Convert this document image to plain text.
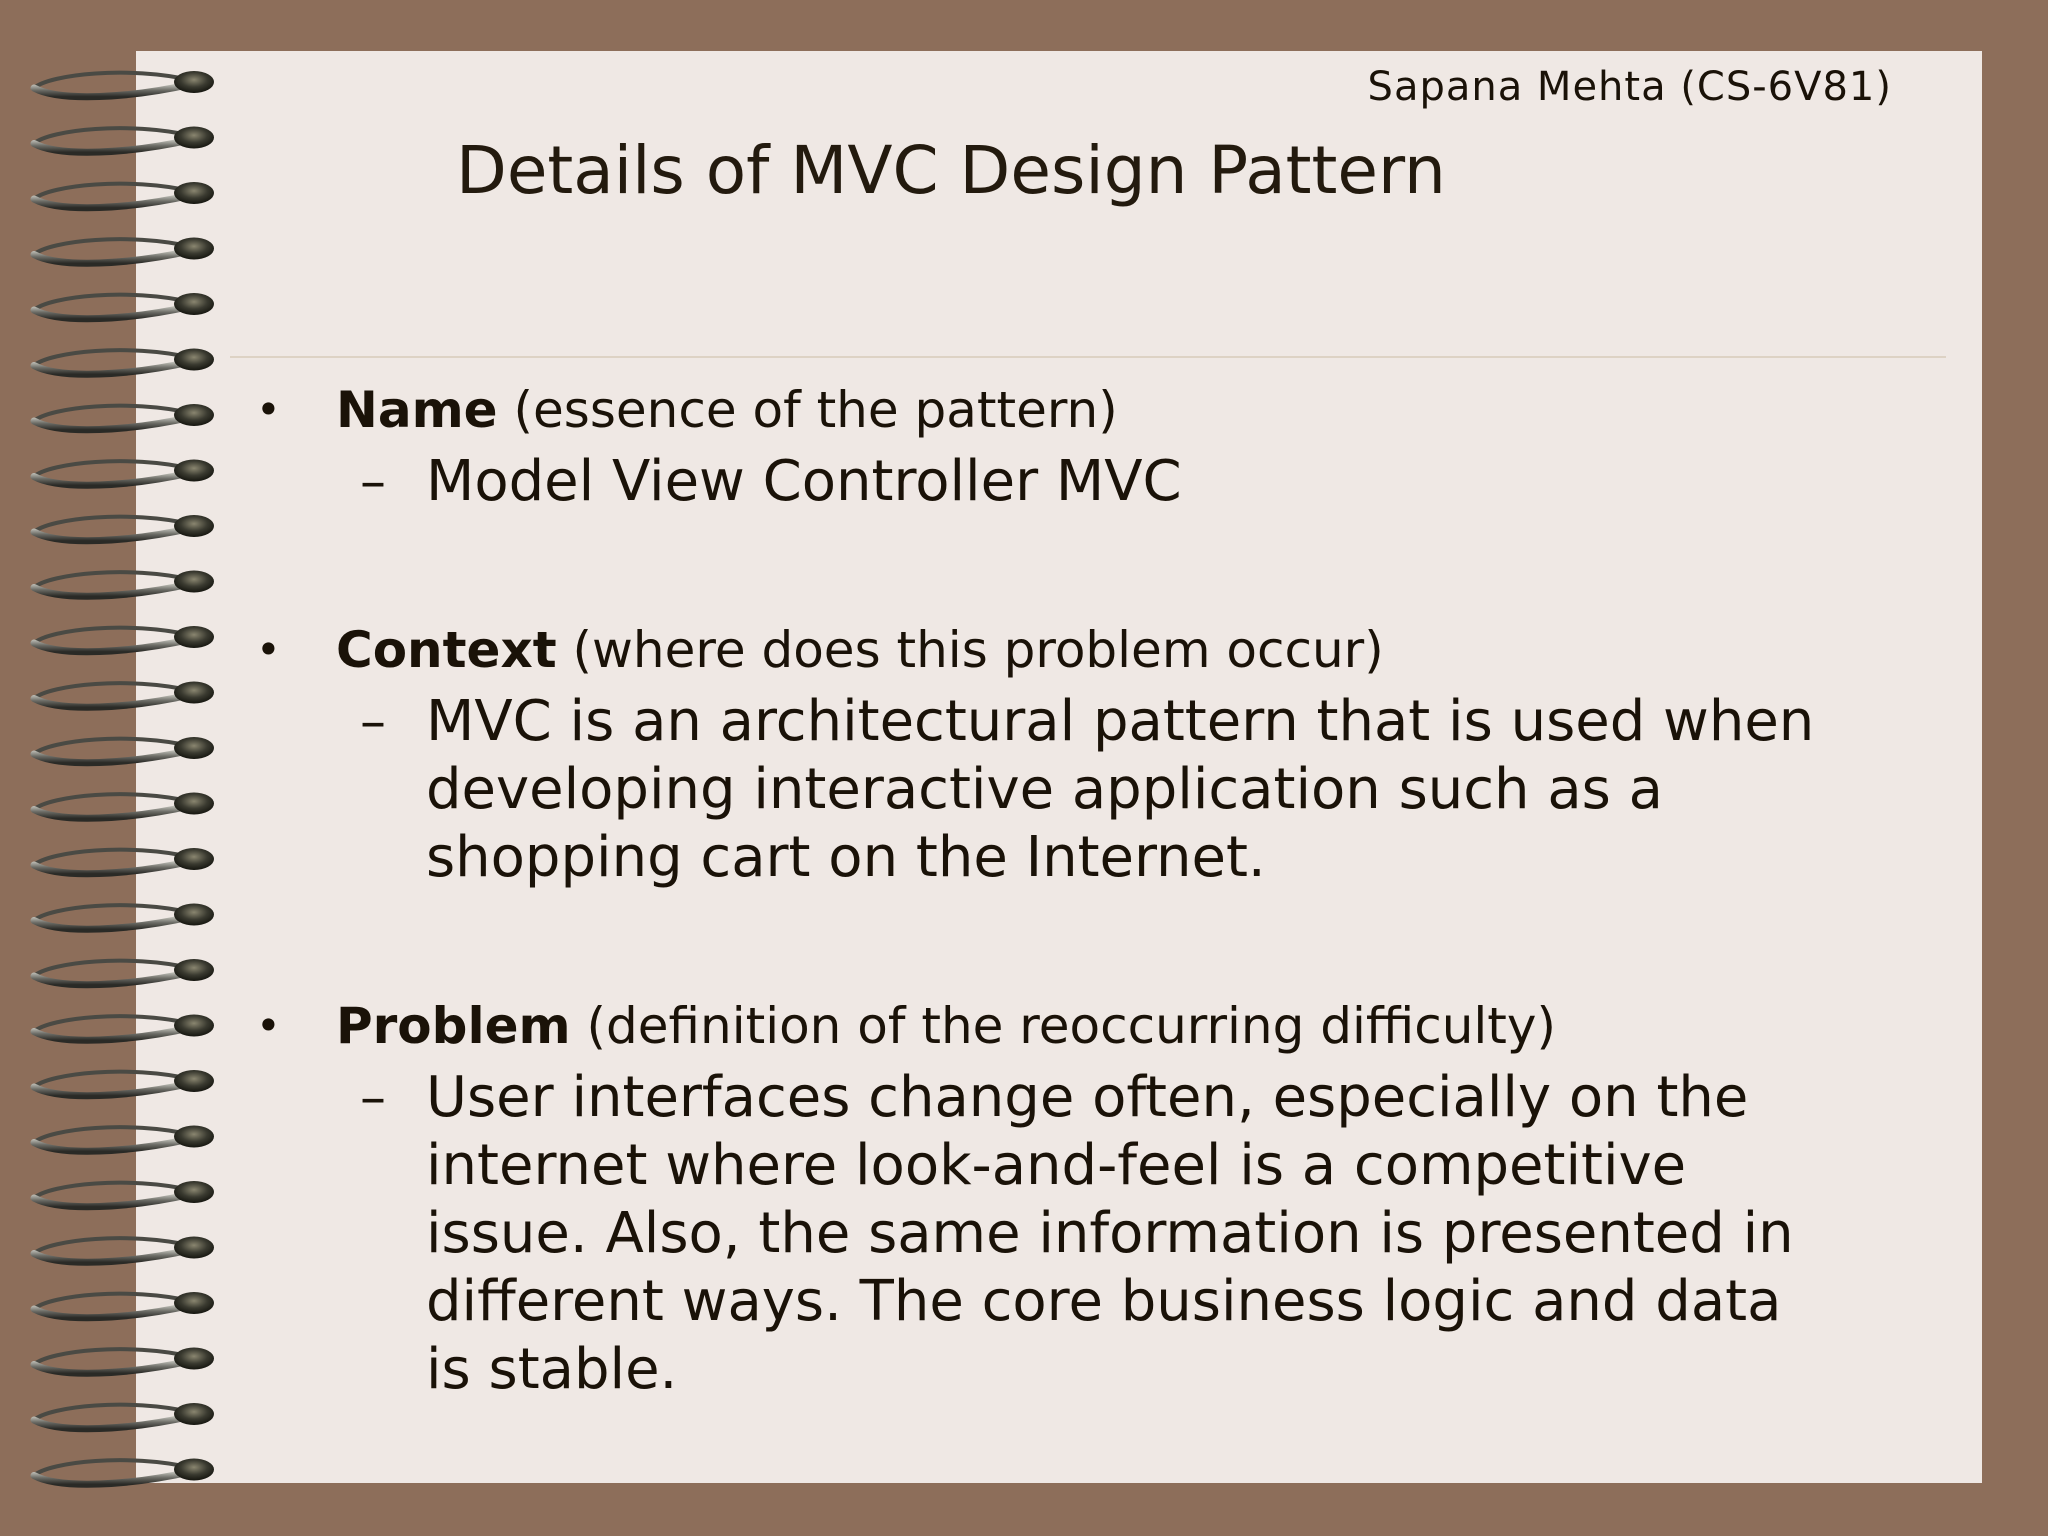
Sapana Mehta (CS-6V81)
Details of MVC Design Pattern
•	Name (essence of the pattern)
– Model View Controller MVC
•	Context (where does this problem occur)
– MVC is an architectural pattern that is used when developing interactive application such as a shopping cart on the Internet.
•	Problem (definition of the reoccurring difficulty)
– User interfaces change often, especially on the internet where look-and-feel is a competitive issue. Also, the same information is presented in different ways. The core business logic and data is stable.
